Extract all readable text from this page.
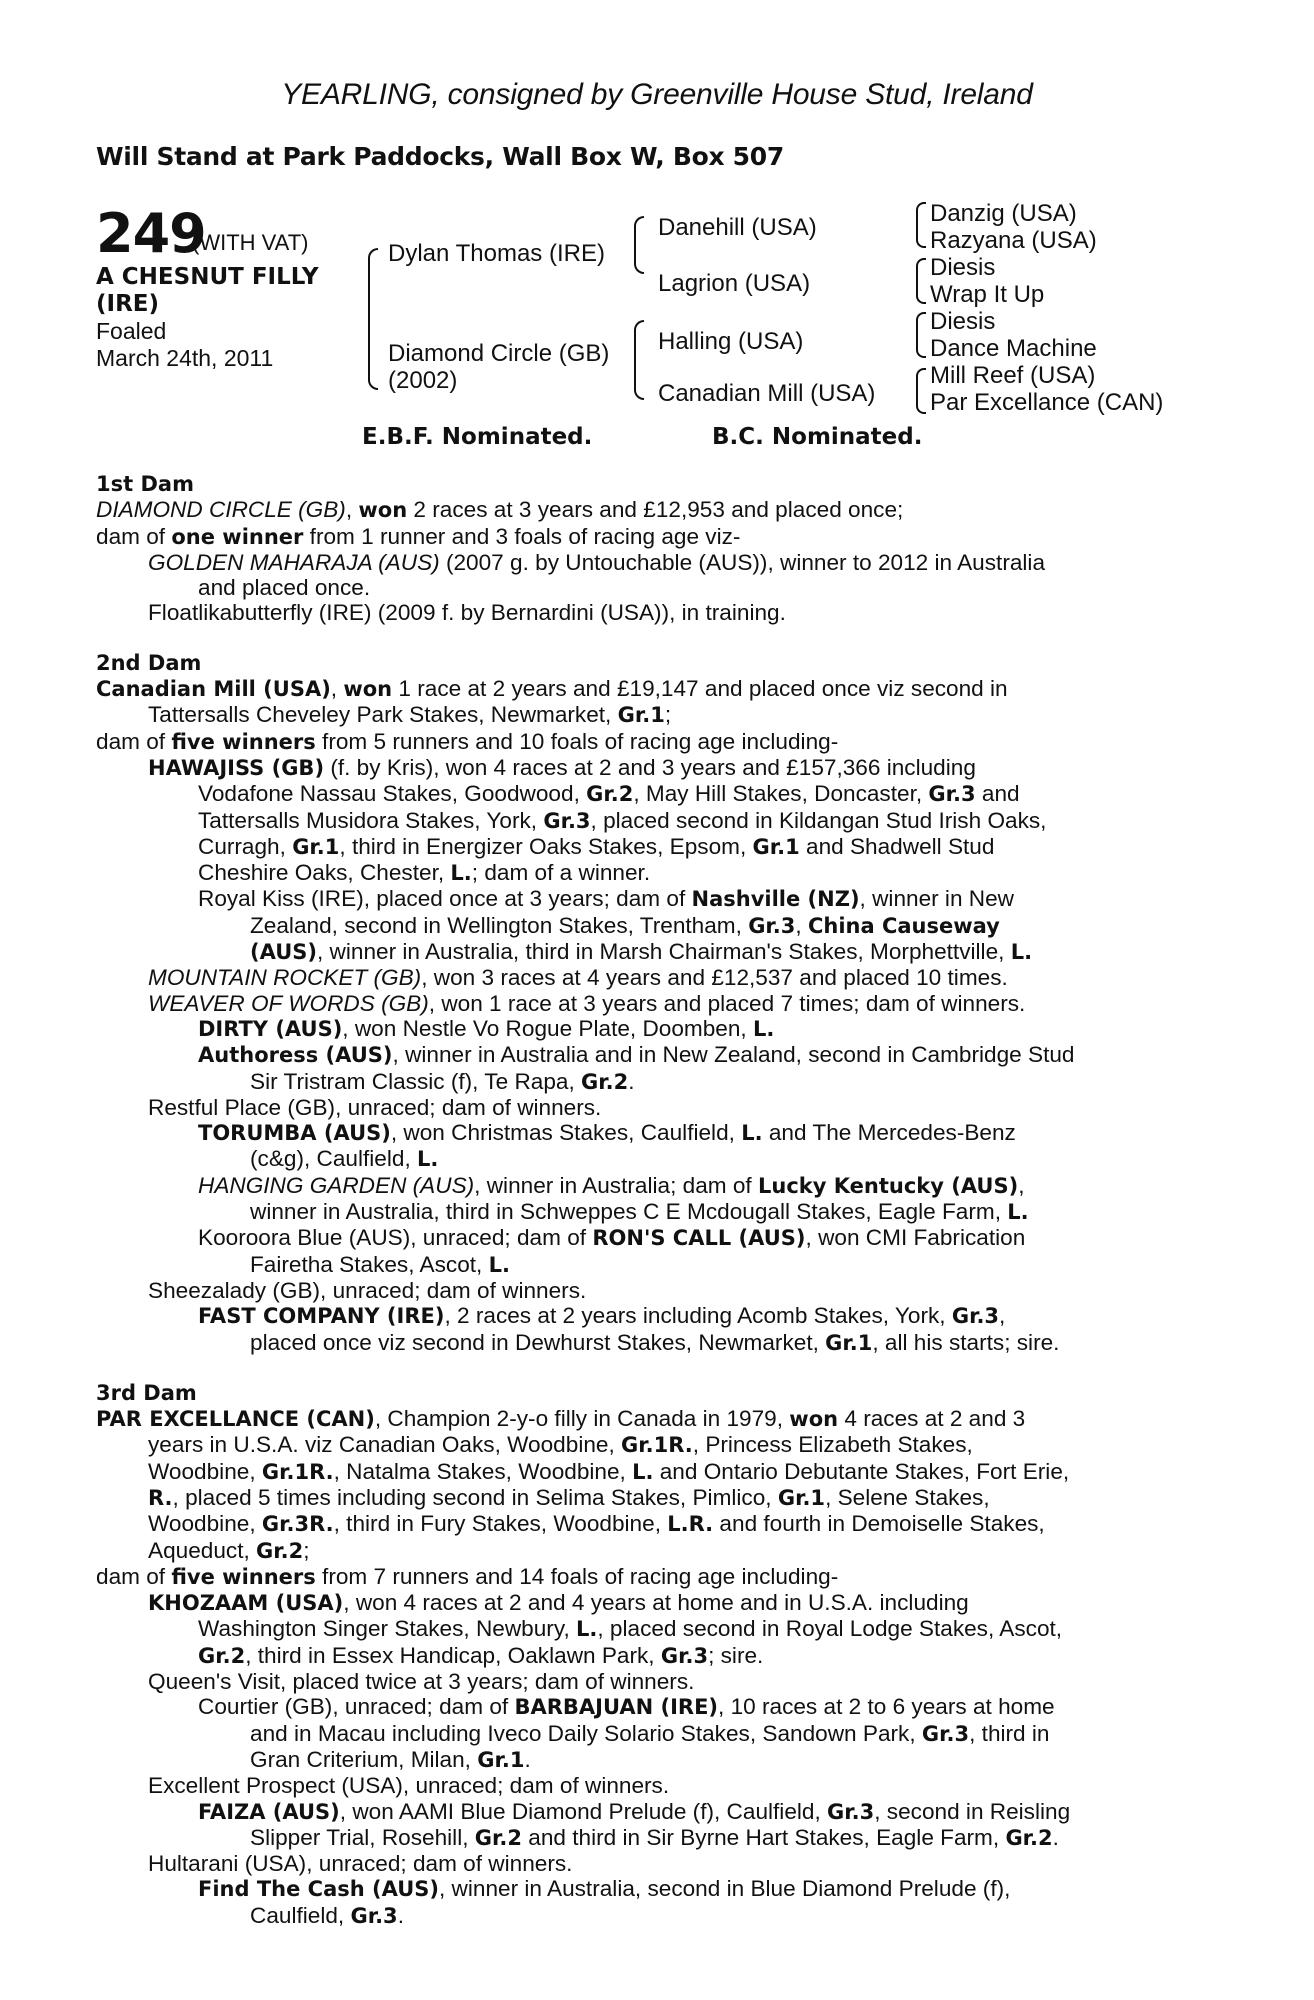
YEARLING, consigned by Greenville House Stud, Ireland
Will Stand at Park Paddocks, Wall Box W, Box 507
249
(WITH VAT)
A CHESNUT FILLY
(IRE)
Foaled
March 24th, 2011
Dylan Thomas (IRE)
Diamond Circle (GB)
(2002)
Danehill (USA)
Lagrion (USA)
Halling (USA)
Canadian Mill (USA)
Danzig (USA)
Razyana (USA)
Diesis
Wrap It Up
Diesis
Dance Machine
Mill Reef (USA)
Par Excellance (CAN)
E.B.F. Nominated.	B.C. Nominated.
1st Dam
DIAMOND CIRCLE (GB), won 2 races at 3 years and £12,953 and placed once;
dam of one winner from 1 runner and 3 foals of racing age viz-
GOLDEN MAHARAJA (AUS) (2007 g. by Untouchable (AUS)), winner to 2012 in Australia
and placed once.
Floatlikabutterfly (IRE) (2009 f. by Bernardini (USA)), in training.
2nd Dam
Canadian Mill (USA), won 1 race at 2 years and £19,147 and placed once viz second in
Tattersalls Cheveley Park Stakes, Newmarket, Gr.1;
dam of five winners from 5 runners and 10 foals of racing age including-
HAWAJISS (GB) (f. by Kris), won 4 races at 2 and 3 years and £157,366 including
Vodafone Nassau Stakes, Goodwood, Gr.2, May Hill Stakes, Doncaster, Gr.3 and
Tattersalls Musidora Stakes, York, Gr.3, placed second in Kildangan Stud Irish Oaks,
Curragh, Gr.1, third in Energizer Oaks Stakes, Epsom, Gr.1 and Shadwell Stud
Cheshire Oaks, Chester, L.; dam of a winner.
Royal Kiss (IRE), placed once at 3 years; dam of Nashville (NZ), winner in New
Zealand, second in Wellington Stakes, Trentham, Gr.3, China Causeway
(AUS), winner in Australia, third in Marsh Chairman's Stakes, Morphettville, L.
MOUNTAIN ROCKET (GB), won 3 races at 4 years and £12,537 and placed 10 times.
WEAVER OF WORDS (GB), won 1 race at 3 years and placed 7 times; dam of winners.
DIRTY (AUS), won Nestle Vo Rogue Plate, Doomben, L.
Authoress (AUS), winner in Australia and in New Zealand, second in Cambridge Stud
Sir Tristram Classic (f), Te Rapa, Gr.2.
Restful Place (GB), unraced; dam of winners.
TORUMBA (AUS), won Christmas Stakes, Caulfield, L. and The Mercedes-Benz
(c&g), Caulfield, L.
HANGING GARDEN (AUS), winner in Australia; dam of Lucky Kentucky (AUS),
winner in Australia, third in Schweppes C E Mcdougall Stakes, Eagle Farm, L.
Kooroora Blue (AUS), unraced; dam of RON'S CALL (AUS), won CMI Fabrication
Fairetha Stakes, Ascot, L.
Sheezalady (GB), unraced; dam of winners.
FAST COMPANY (IRE), 2 races at 2 years including Acomb Stakes, York, Gr.3,
placed once viz second in Dewhurst Stakes, Newmarket, Gr.1, all his starts; sire.
3rd Dam
PAR EXCELLANCE (CAN), Champion 2-y-o filly in Canada in 1979, won 4 races at 2 and 3
years in U.S.A. viz Canadian Oaks, Woodbine, Gr.1R., Princess Elizabeth Stakes,
Woodbine, Gr.1R., Natalma Stakes, Woodbine, L. and Ontario Debutante Stakes, Fort Erie,
R., placed 5 times including second in Selima Stakes, Pimlico, Gr.1, Selene Stakes,
Woodbine, Gr.3R., third in Fury Stakes, Woodbine, L.R. and fourth in Demoiselle Stakes,
Aqueduct, Gr.2;
dam of five winners from 7 runners and 14 foals of racing age including-
KHOZAAM (USA), won 4 races at 2 and 4 years at home and in U.S.A. including
Washington Singer Stakes, Newbury, L., placed second in Royal Lodge Stakes, Ascot,
Gr.2, third in Essex Handicap, Oaklawn Park, Gr.3; sire.
Queen's Visit, placed twice at 3 years; dam of winners.
Courtier (GB), unraced; dam of BARBAJUAN (IRE), 10 races at 2 to 6 years at home
and in Macau including Iveco Daily Solario Stakes, Sandown Park, Gr.3, third in
Gran Criterium, Milan, Gr.1.
Excellent Prospect (USA), unraced; dam of winners.
FAIZA (AUS), won AAMI Blue Diamond Prelude (f), Caulfield, Gr.3, second in Reisling
Slipper Trial, Rosehill, Gr.2 and third in Sir Byrne Hart Stakes, Eagle Farm, Gr.2.
Hultarani (USA), unraced; dam of winners.
Find The Cash (AUS), winner in Australia, second in Blue Diamond Prelude (f),
Caulfield, Gr.3.
